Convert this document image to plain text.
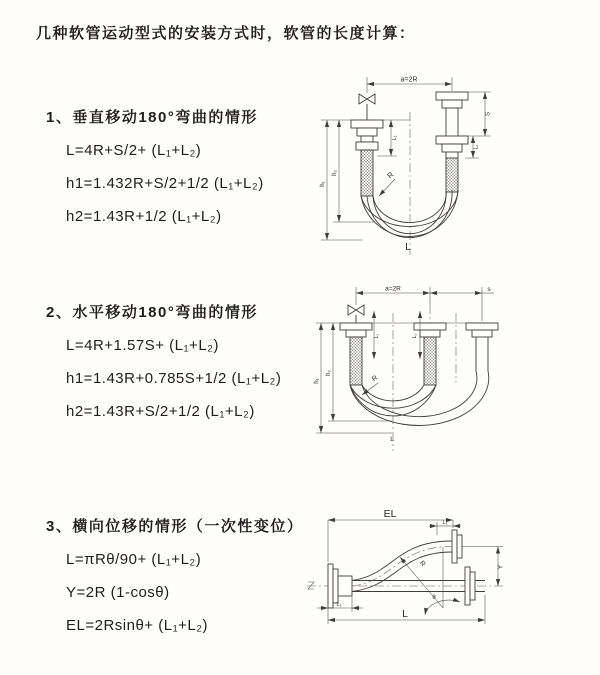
几种软管运动型式的安装方式时，软管的长度计算：

1、垂直移动180°弯曲的情形

L=4R+S/2+ (L₁+L₂)

h1=1.432R+S/2+1/2 (L₁+L₂)

h2=1.43R+1/2 (L₁+L₂)

2、水平移动180°弯曲的情形

L=4R+1.57S+ (L₁+L₂)

h1=1.43R+0.785S+1/2 (L₁+L₂)

h2=1.43R+S/2+1/2 (L₁+L₂)

3、横向位移的情形（一次性变位）

L=πRθ/90+ (L₁+L₂)

Y=2R (1-cosθ)

EL=2Rsinθ+ (L₁+L₂)

a=2R
h₁
h₂
L₁
S
L₂
R
L
a=2R	s
h₁
h₂
L₁	L₂
R
L
EL
L₁
R
θ
Y
L₁
L
